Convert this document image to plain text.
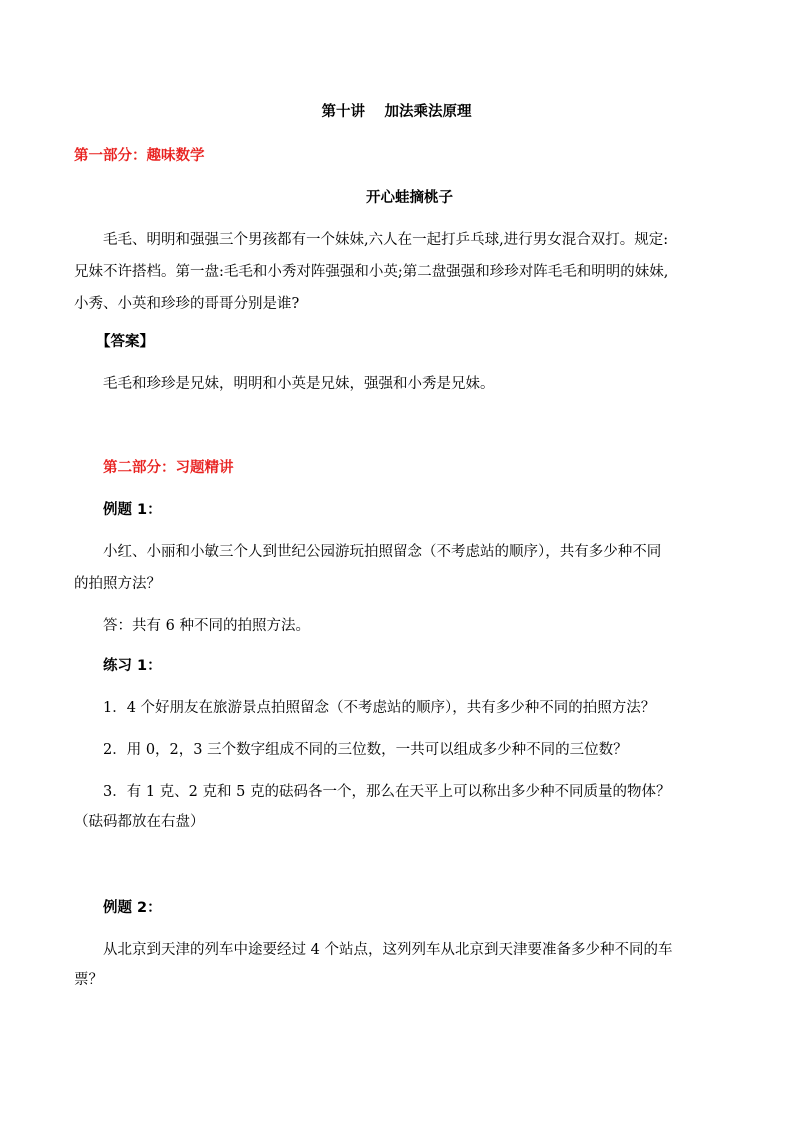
第十讲　 加法乘法原理
第一部分：趣味数学
开心蛙摘桃子
毛毛、明明和强强三个男孩都有一个妹妹,六人在一起打乒乓球,进行男女混合双打。规定:
兄妹不许搭档。第一盘:毛毛和小秀对阵强强和小英;第二盘强强和珍珍对阵毛毛和明明的妹妹,
小秀、小英和珍珍的哥哥分别是谁?
【答案】
毛毛和珍珍是兄妹，明明和小英是兄妹，强强和小秀是兄妹。
第二部分：习题精讲
例题 1：
小红、小丽和小敏三个人到世纪公园游玩拍照留念（不考虑站的顺序），共有多少种不同
的拍照方法？
答：共有 6 种不同的拍照方法。
练习 1：
1．4 个好朋友在旅游景点拍照留念（不考虑站的顺序），共有多少种不同的拍照方法？
2．用 0，2，3 三个数字组成不同的三位数，一共可以组成多少种不同的三位数？
3．有 1 克、2 克和 5 克的砝码各一个，那么在天平上可以称出多少种不同质量的物体？
（砝码都放在右盘）
例题 2：
从北京到天津的列车中途要经过 4 个站点，这列列车从北京到天津要准备多少种不同的车
票？
